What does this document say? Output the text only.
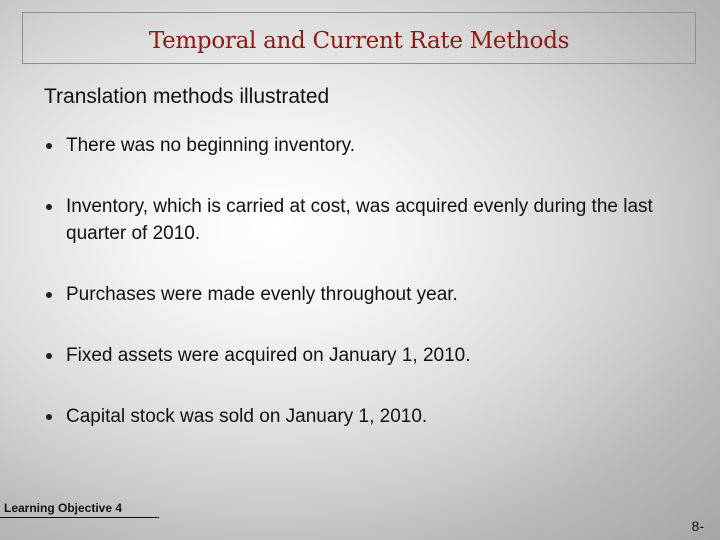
Temporal and Current Rate Methods
Translation methods illustrated
There was no beginning inventory.
Inventory, which is carried at cost, was acquired evenly during the last quarter of 2010.
Purchases were made evenly throughout year.
Fixed assets were acquired on January 1, 2010.
Capital stock was sold on January 1, 2010.
Learning Objective 4
8-
